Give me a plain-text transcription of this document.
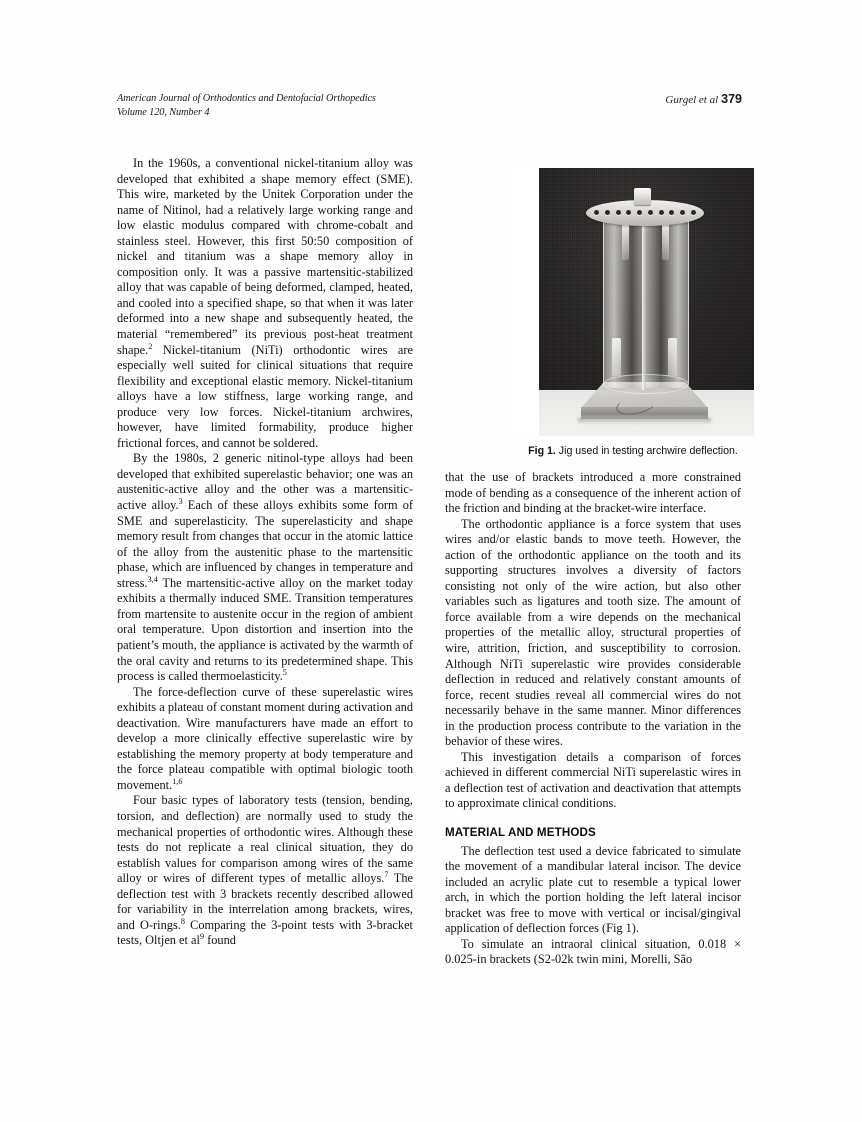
American Journal of Orthodontics and Dentofacial Orthopedics
Volume 120, Number 4
Gurgel et al 379
Fig 1. Jig used in testing archwire deflection.

In the 1960s, a conventional nickel-titanium alloy was developed that exhibited a shape memory effect (SME). This wire, marketed by the Unitek Corporation under the name of Nitinol, had a relatively large working range and low elastic modulus compared with chrome-cobalt and stainless steel. However, this first 50:50 composition of nickel and titanium was a shape memory alloy in composition only. It was a passive martensitic-stabilized alloy that was capable of being deformed, clamped, heated, and cooled into a specified shape, so that when it was later deformed into a new shape and subsequently heated, the material “remembered” its previous post-heat treatment shape.$^2$ Nickel-titanium (NiTi) orthodontic wires are especially well suited for clinical situations that require flexibility and exceptional elastic memory. Nickel-titanium alloys have a low stiffness, large working range, and produce very low forces. Nickel-titanium archwires, however, have limited formability, produce higher frictional forces, and cannot be soldered.

By the 1980s, 2 generic nitinol-type alloys had been developed that exhibited superelastic behavior; one was an austenitic-active alloy and the other was a martensitic-active alloy.$^3$ Each of these alloys exhibits some form of SME and superelasticity. The superelasticity and shape memory result from changes that occur in the atomic lattice of the alloy from the austenitic phase to the martensitic phase, which are influenced by changes in temperature and stress.$^{3,4}$ The martensitic-active alloy on the market today exhibits a thermally induced SME. Transition temperatures from martensite to austenite occur in the region of ambient oral temperature. Upon distortion and insertion into the patient’s mouth, the appliance is activated by the warmth of the oral cavity and returns to its predetermined shape. This process is called thermoelasticity.$^5$

The force-deflection curve of these superelastic wires exhibits a plateau of constant moment during activation and deactivation. Wire manufacturers have made an effort to develop a more clinically effective superelastic wire by establishing the memory property at body temperature and the force plateau compatible with optimal biologic tooth movement.$^{1,6}$

Four basic types of laboratory tests (tension, bending, torsion, and deflection) are normally used to study the mechanical properties of orthodontic wires. Although these tests do not replicate a real clinical situation, they do establish values for comparison among wires of the same alloy or wires of different types of metallic alloys.$^7$ The deflection test with 3 brackets recently described allowed for variability in the interrelation among brackets, wires, and O-rings.$^8$ Comparing the 3-point tests with 3-bracket tests, Oltjen et $al^9$ found

that the use of brackets introduced a more constrained mode of bending as a consequence of the inherent action of the friction and binding at the bracket-wire interface.

The orthodontic appliance is a force system that uses wires and/or elastic bands to move teeth. However, the action of the orthodontic appliance on the tooth and its supporting structures involves a diversity of factors consisting not only of the wire action, but also other variables such as ligatures and tooth size. The amount of force available from a wire depends on the mechanical properties of the metallic alloy, structural properties of wire, attrition, friction, and susceptibility to corrosion. Although NiTi superelastic wire provides considerable deflection in reduced and relatively constant amounts of force, recent studies reveal all commercial wires do not necessarily behave in the same manner. Minor differences in the production process contribute to the variation in the behavior of these wires.

This investigation details a comparison of forces achieved in different commercial NiTi superelastic wires in a deflection test of activation and deactivation that attempts to approximate clinical conditions.

MATERIAL AND METHODS

The deflection test used a device fabricated to simulate the movement of a mandibular lateral incisor. The device included an acrylic plate cut to resemble a typical lower arch, in which the portion holding the left lateral incisor bracket was free to move with vertical or incisal/gingival application of deflection forces (Fig 1).

To simulate an intraoral clinical situation, 0.018 × 0.025-in brackets (S2-02k twin mini, Morelli, São
